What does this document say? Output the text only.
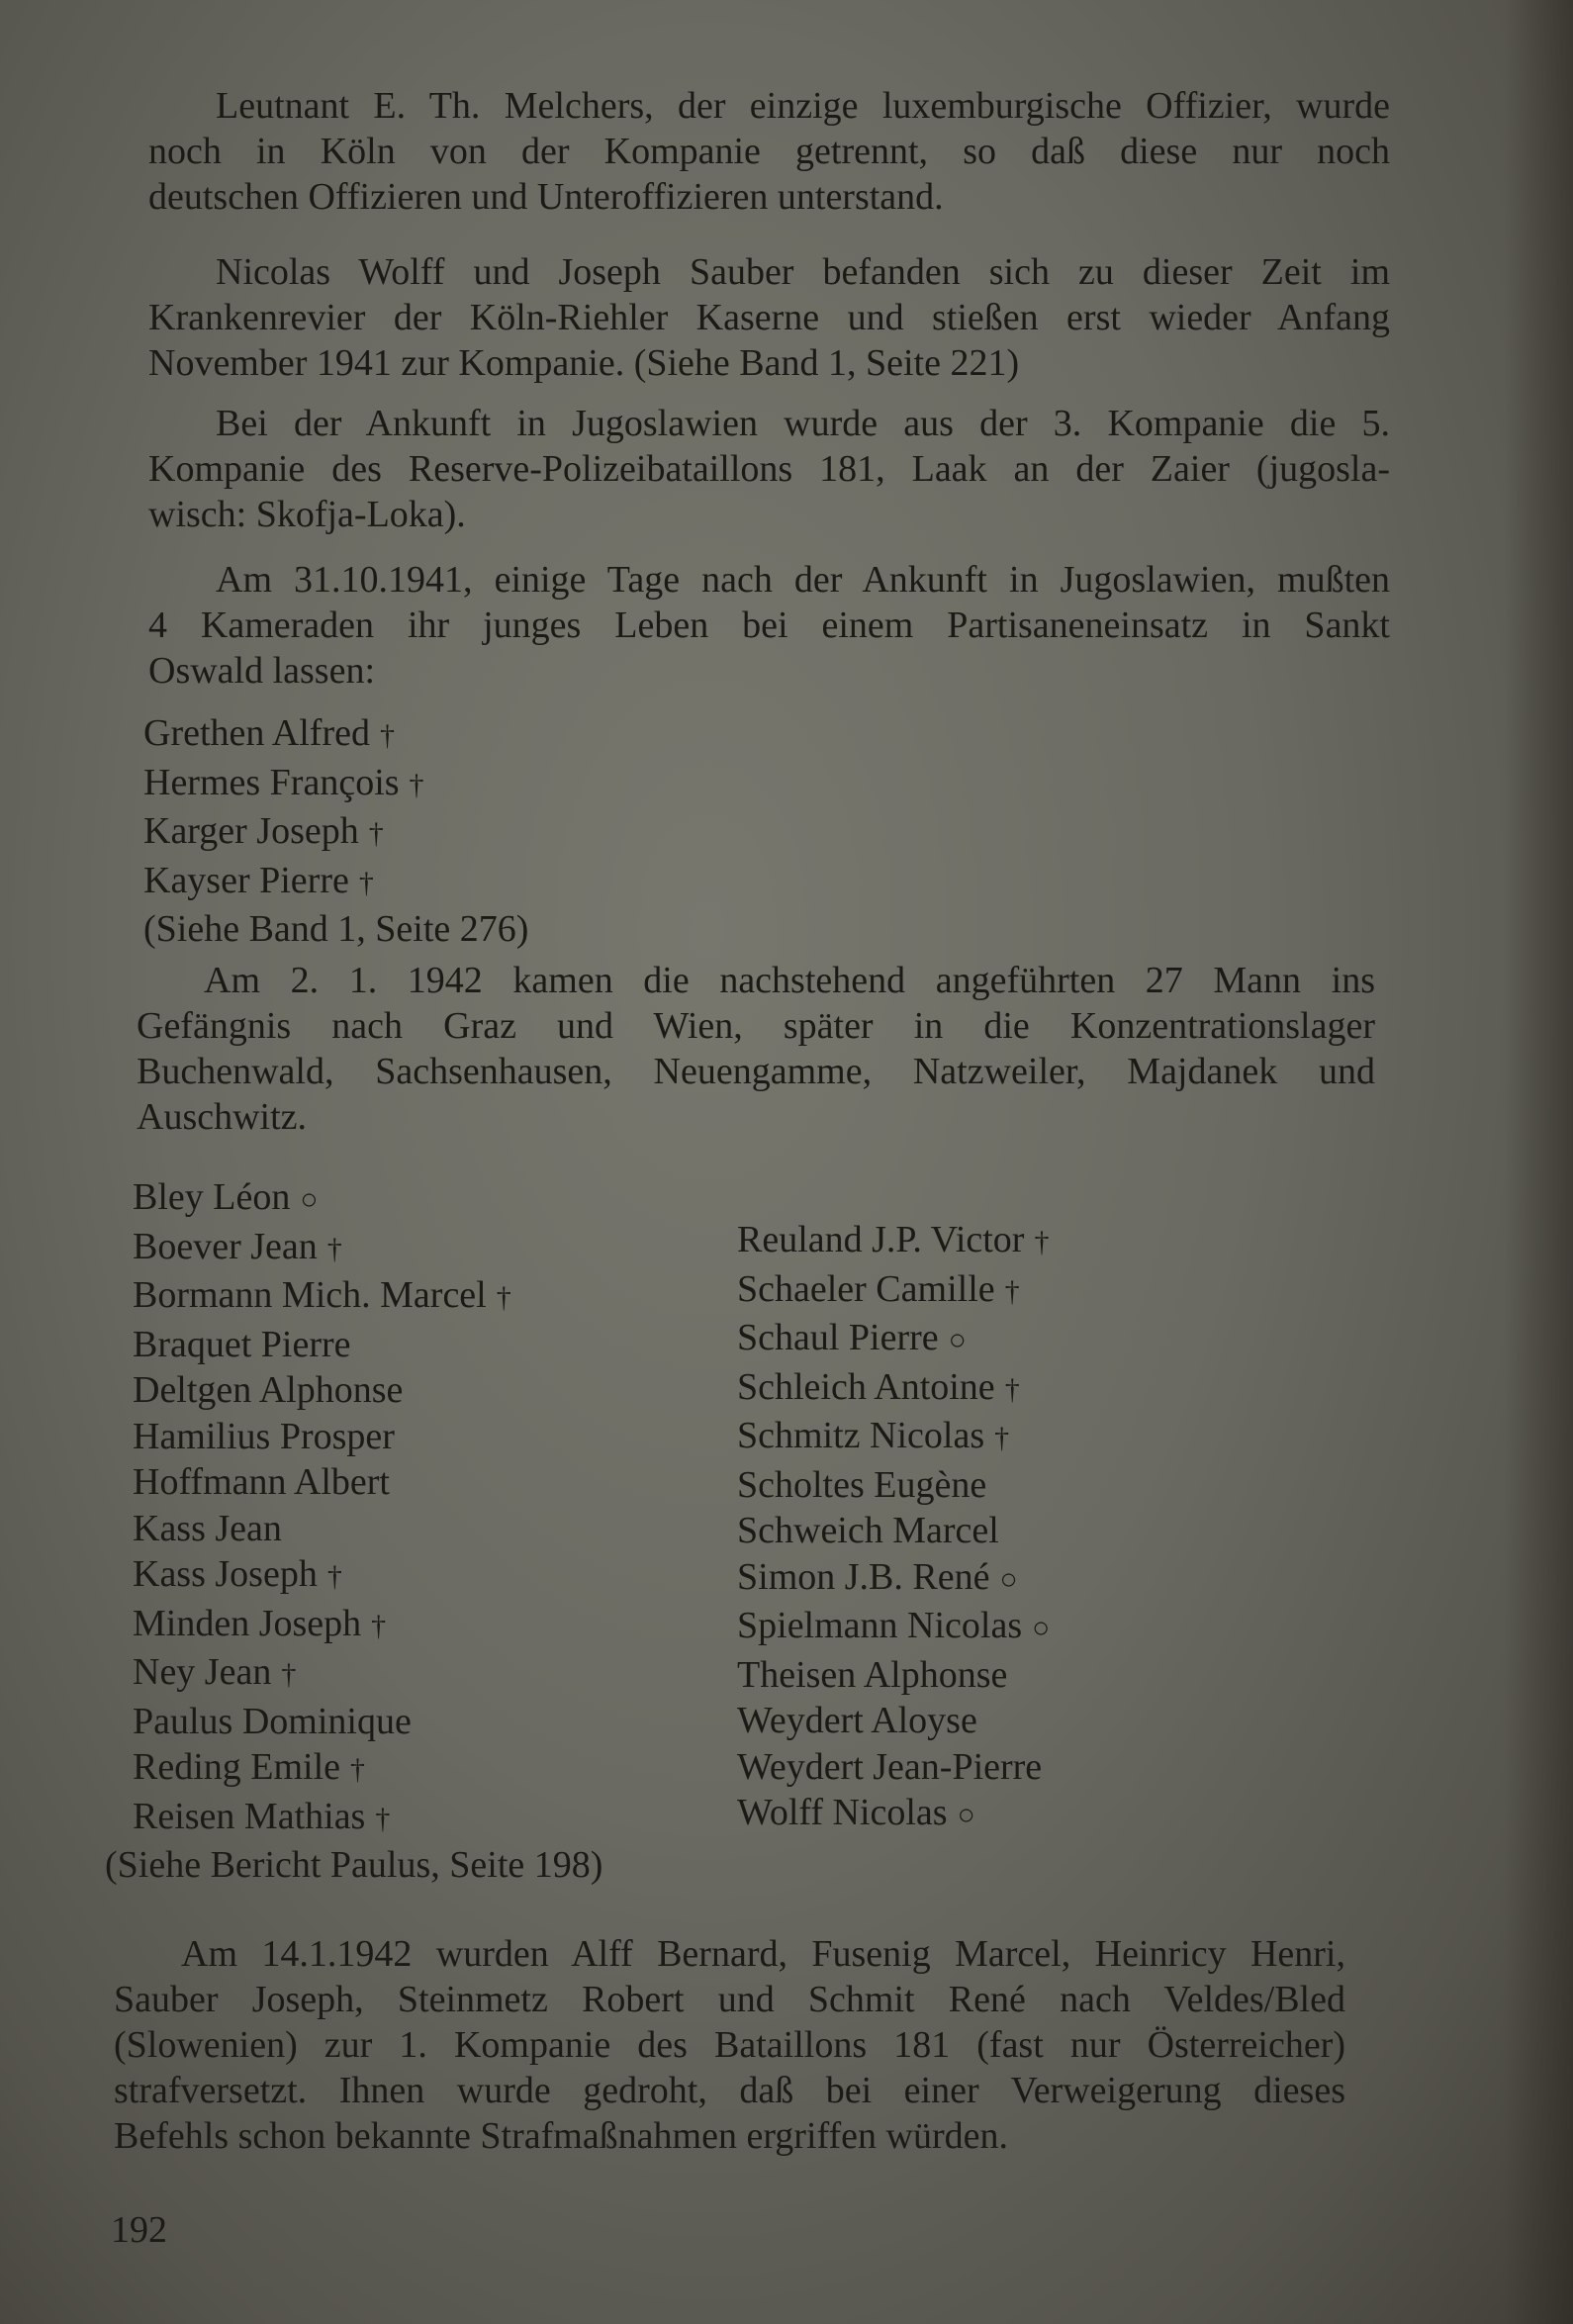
Leutnant E. Th. Melchers, der einzige luxemburgische Offizier, wurde
noch in Köln von der Kompanie getrennt, so daß diese nur noch
deutschen Offizieren und Unteroffizieren unterstand.
Nicolas Wolff und Joseph Sauber befanden sich zu dieser Zeit im
Krankenrevier der Köln-Riehler Kaserne und stießen erst wieder Anfang
November 1941 zur Kompanie. (Siehe Band 1, Seite 221)
Bei der Ankunft in Jugoslawien wurde aus der 3. Kompanie die 5.
Kompanie des Reserve-Polizeibataillons 181, Laak an der Zaier (jugosla-
wisch: Skofja-Loka).
Am 31.10.1941, einige Tage nach der Ankunft in Jugoslawien, mußten
4 Kameraden ihr junges Leben bei einem Partisaneneinsatz in Sankt
Oswald lassen:
Grethen Alfred †
Hermes François †
Karger Joseph †
Kayser Pierre †
(Siehe Band 1, Seite 276)
Am 2. 1. 1942 kamen die nachstehend angeführten 27 Mann ins
Gefängnis nach Graz und Wien, später in die Konzentrationslager
Buchenwald, Sachsenhausen, Neuengamme, Natzweiler, Majdanek und
Auschwitz.
Bley Léon ○
Boever Jean †
Bormann Mich. Marcel †
Braquet Pierre
Deltgen Alphonse
Hamilius Prosper
Hoffmann Albert
Kass Jean
Kass Joseph †
Minden Joseph †
Ney Jean †
Paulus Dominique
Reding Emile †
Reisen Mathias †
Reuland J.P. Victor †
Schaeler Camille †
Schaul Pierre ○
Schleich Antoine †
Schmitz Nicolas †
Scholtes Eugène
Schweich Marcel
Simon J.B. René ○
Spielmann Nicolas ○
Theisen Alphonse
Weydert Aloyse
Weydert Jean-Pierre
Wolff Nicolas ○
(Siehe Bericht Paulus, Seite 198)
Am 14.1.1942 wurden Alff Bernard, Fusenig Marcel, Heinricy Henri,
Sauber Joseph, Steinmetz Robert und Schmit René nach Veldes/Bled
(Slowenien) zur 1. Kompanie des Bataillons 181 (fast nur Österreicher)
strafversetzt. Ihnen wurde gedroht, daß bei einer Verweigerung dieses
Befehls schon bekannte Strafmaßnahmen ergriffen würden.
192
